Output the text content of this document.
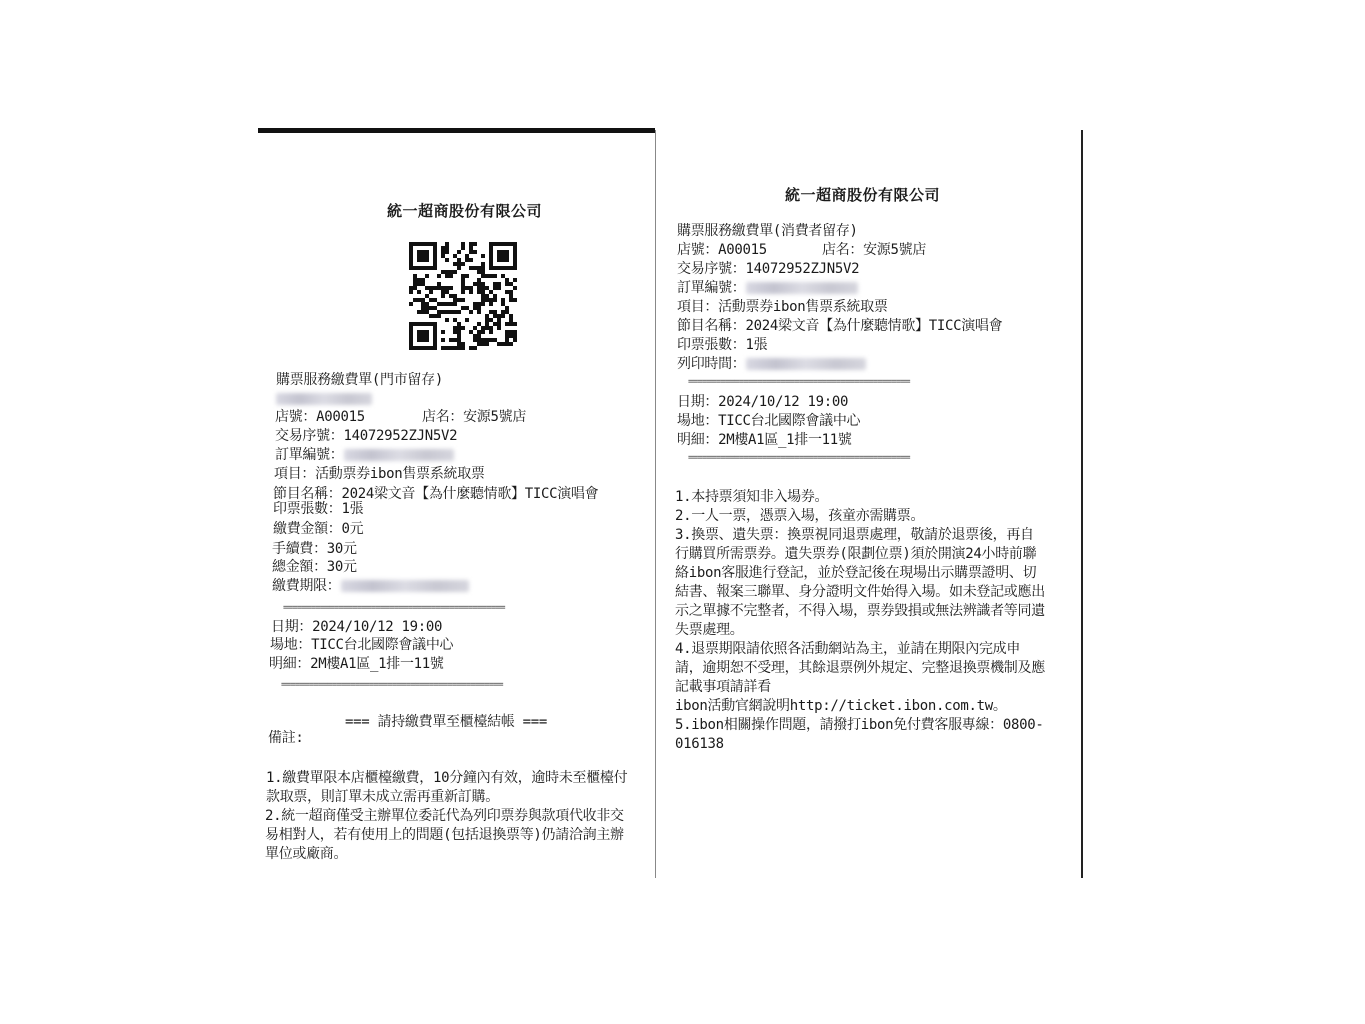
統一超商股份有限公司
購票服務繳費單(門市留存)
店號：A00015	店名：安源5號店
交易序號：14072952ZJN5V2
訂單編號：
項目：活動票券ibon售票系統取票
節目名稱：2024梁文音【為什麼聽情歌】TICC演唱會
印票張數：1張
繳費金額：0元
手續費：30元
總金額：30元
繳費期限：
================================================
日期：2024/10/12 19:00
場地：TICC台北國際會議中心
明細：2M樓A1區_1排一11號
================================================
=== 請持繳費單至櫃檯結帳 ===
備註:
1.繳費單限本店櫃檯繳費，10分鐘內有效，逾時未至櫃檯付款取票，則訂單未成立需再重新訂購。
2.統一超商僅受主辦單位委託代為列印票券與款項代收非交易相對人，若有使用上的問題(包括退換票等)仍請洽詢主辦單位或廠商。
統一超商股份有限公司
購票服務繳費單(消費者留存)
店號：A00015	店名：安源5號店
交易序號：14072952ZJN5V2
訂單編號：
項目：活動票券ibon售票系統取票
節目名稱：2024梁文音【為什麼聽情歌】TICC演唱會
印票張數：1張
列印時間：
================================================
日期：2024/10/12 19:00
場地：TICC台北國際會議中心
明細：2M樓A1區_1排一11號
================================================
1.本持票須知非入場券。
2.一人一票，憑票入場，孩童亦需購票。
3.換票、遺失票：換票視同退票處理，敬請於退票後，再自行購買所需票券。遺失票券(限劃位票)須於開演24小時前聯絡ibon客服進行登記，並於登記後在現場出示購票證明、切結書、報案三聯單、身分證明文件始得入場。如未登記或應出示之單據不完整者，不得入場，票券毀損或無法辨識者等同遺失票處理。
4.退票期限請依照各活動網站為主，並請在期限內完成申請，逾期恕不受理，其餘退票例外規定、完整退換票機制及應記載事項請詳看
ibon活動官網說明http://ticket.ibon.com.tw。
5.ibon相關操作問題，請撥打ibon免付費客服專線：0800-016138
